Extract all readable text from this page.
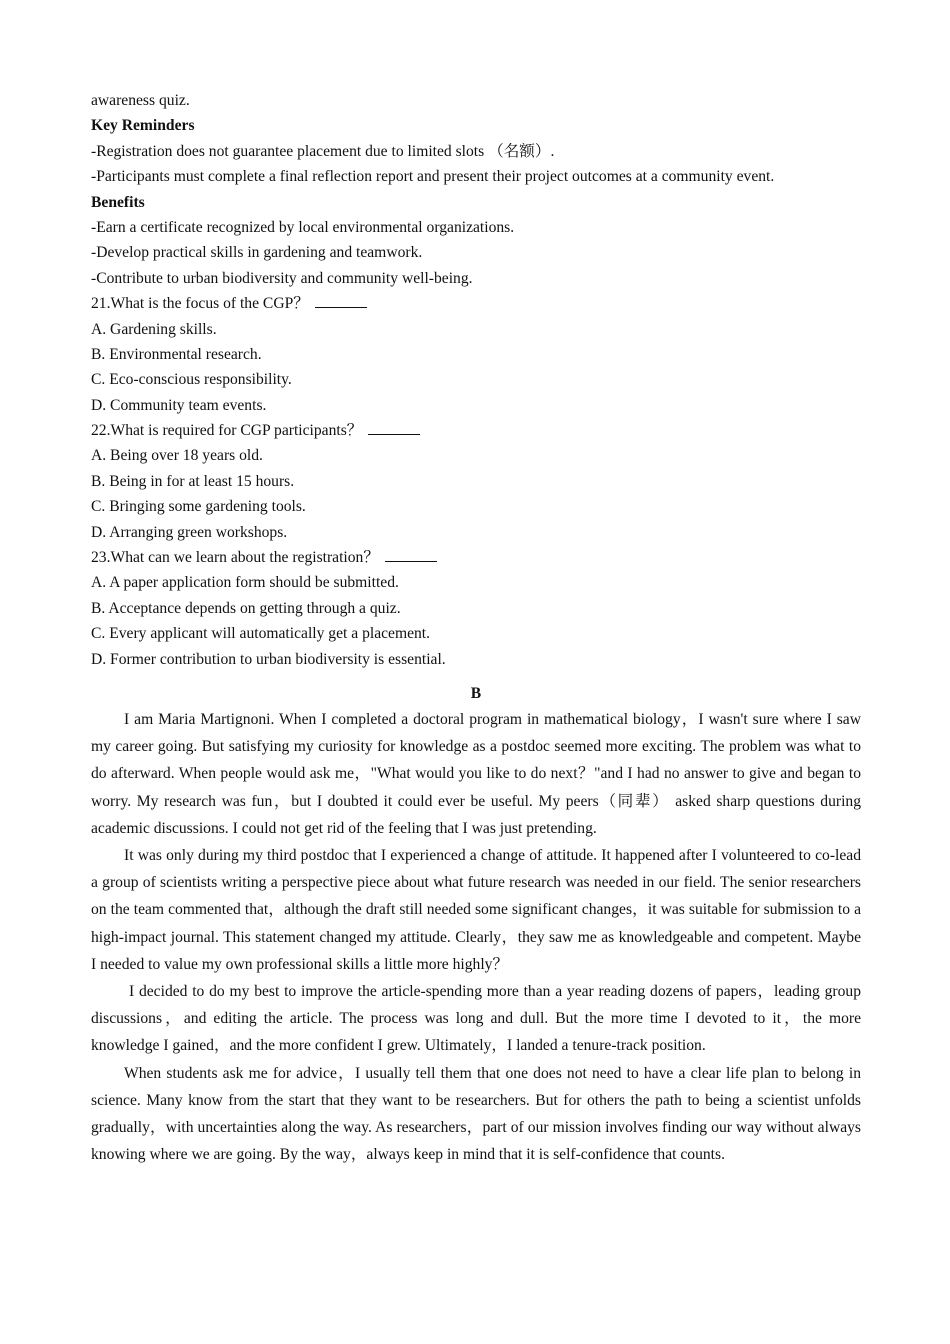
awareness quiz.
Key Reminders
-Registration does not guarantee placement due to limited slots （名额）.
-Participants must complete a final reflection report and present their project outcomes at a community event.
Benefits
-Earn a certificate recognized by local environmental organizations.
-Develop practical skills in gardening and teamwork.
-Contribute to urban biodiversity and community well-being.
21.What is the focus of the CGP？
A. Gardening skills.
B. Environmental research.
C. Eco-conscious responsibility.
D. Community team events.
22.What is required for CGP participants？
A. Being over 18 years old.
B. Being in for at least 15 hours.
C. Bringing some gardening tools.
D. Arranging green workshops.
23.What can we learn about the registration？
A. A paper application form should be submitted.
B. Acceptance depends on getting through a quiz.
C. Every applicant will automatically get a placement.
D. Former contribution to urban biodiversity is essential.
B

I am Maria Martignoni. When I completed a doctoral program in mathematical biology，I wasn't sure where I saw my career going. But satisfying my curiosity for knowledge as a postdoc seemed more exciting. The problem was what to do afterward. When people would ask me，"What would you like to do next？"and I had no answer to give and began to worry. My research was fun，but I doubted it could ever be useful. My peers（同辈） asked sharp questions during academic discussions. I could not get rid of the feeling that I was just pretending.

It was only during my third postdoc that I experienced a change of attitude. It happened after I volunteered to co-lead a group of scientists writing a perspective piece about what future research was needed in our field. The senior researchers on the team commented that，although the draft still needed some significant changes，it was suitable for submission to a high-impact journal. This statement changed my attitude. Clearly，they saw me as knowledgeable and competent. Maybe I needed to value my own professional skills a little more highly？

I decided to do my best to improve the article-spending more than a year reading dozens of papers，leading group discussions，and editing the article. The process was long and dull. But the more time I devoted to it，the more knowledge I gained，and the more confident I grew. Ultimately，I landed a tenure-track position.

When students ask me for advice，I usually tell them that one does not need to have a clear life plan to belong in science. Many know from the start that they want to be researchers. But for others the path to being a scientist unfolds gradually，with uncertainties along the way. As researchers，part of our mission involves finding our way without always knowing where we are going. By the way，always keep in mind that it is self-confidence that counts.
